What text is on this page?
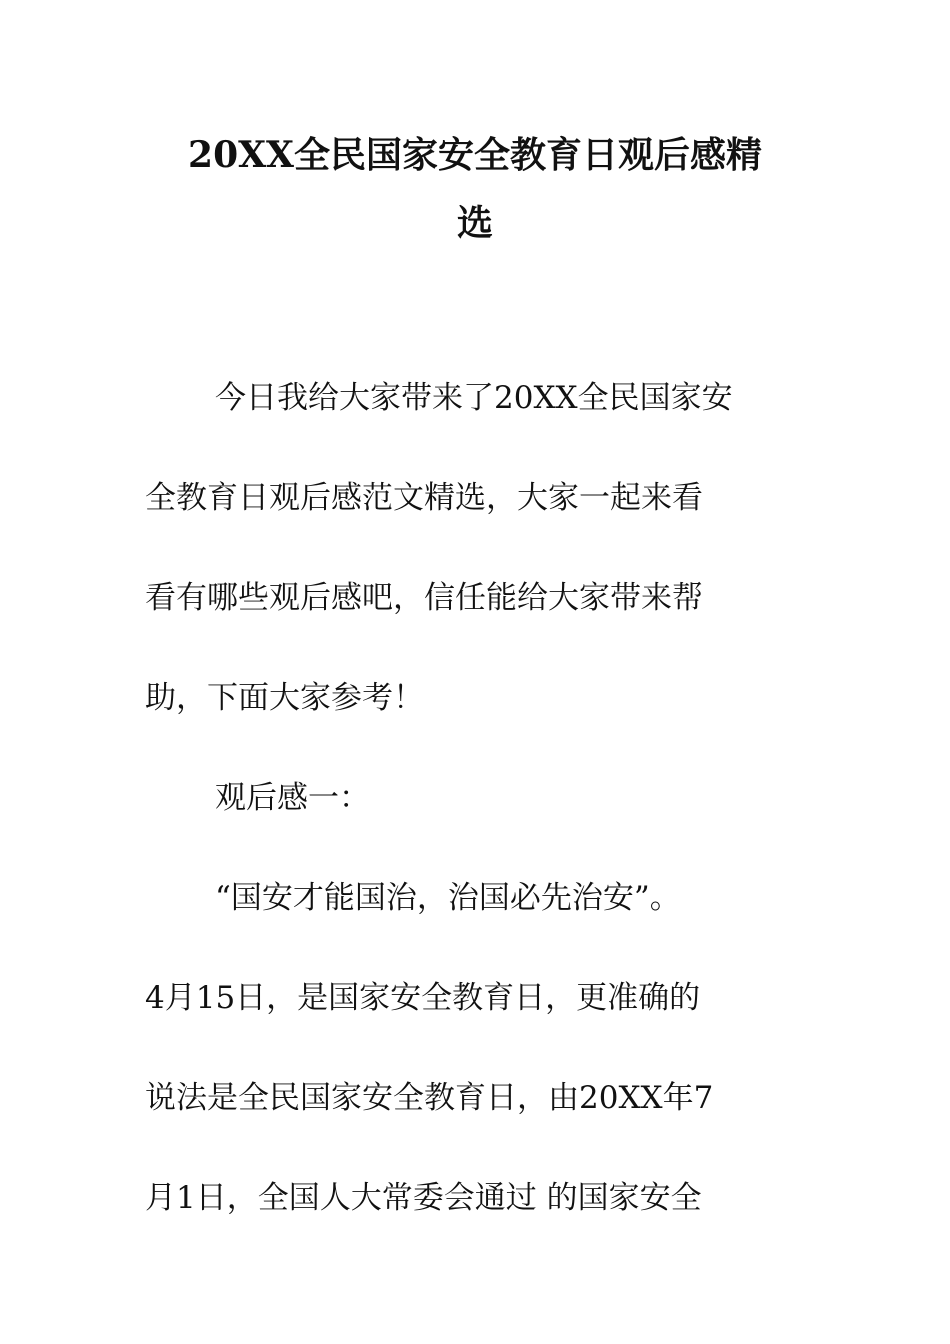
20XX全民国家安全教育日观后感精
选
今日我给大家带来了20XX全民国家安
全教育日观后感范文精选，大家一起来看
看有哪些观后感吧，信任能给大家带来帮
助，下面大家参考！
观后感一：
“国安才能国治，治国必先治安”。
4月15日，是国家安全教育日，更准确的
说法是全民国家安全教育日，由20XX年7
月1日，全国人大常委会通过 的国家安全
